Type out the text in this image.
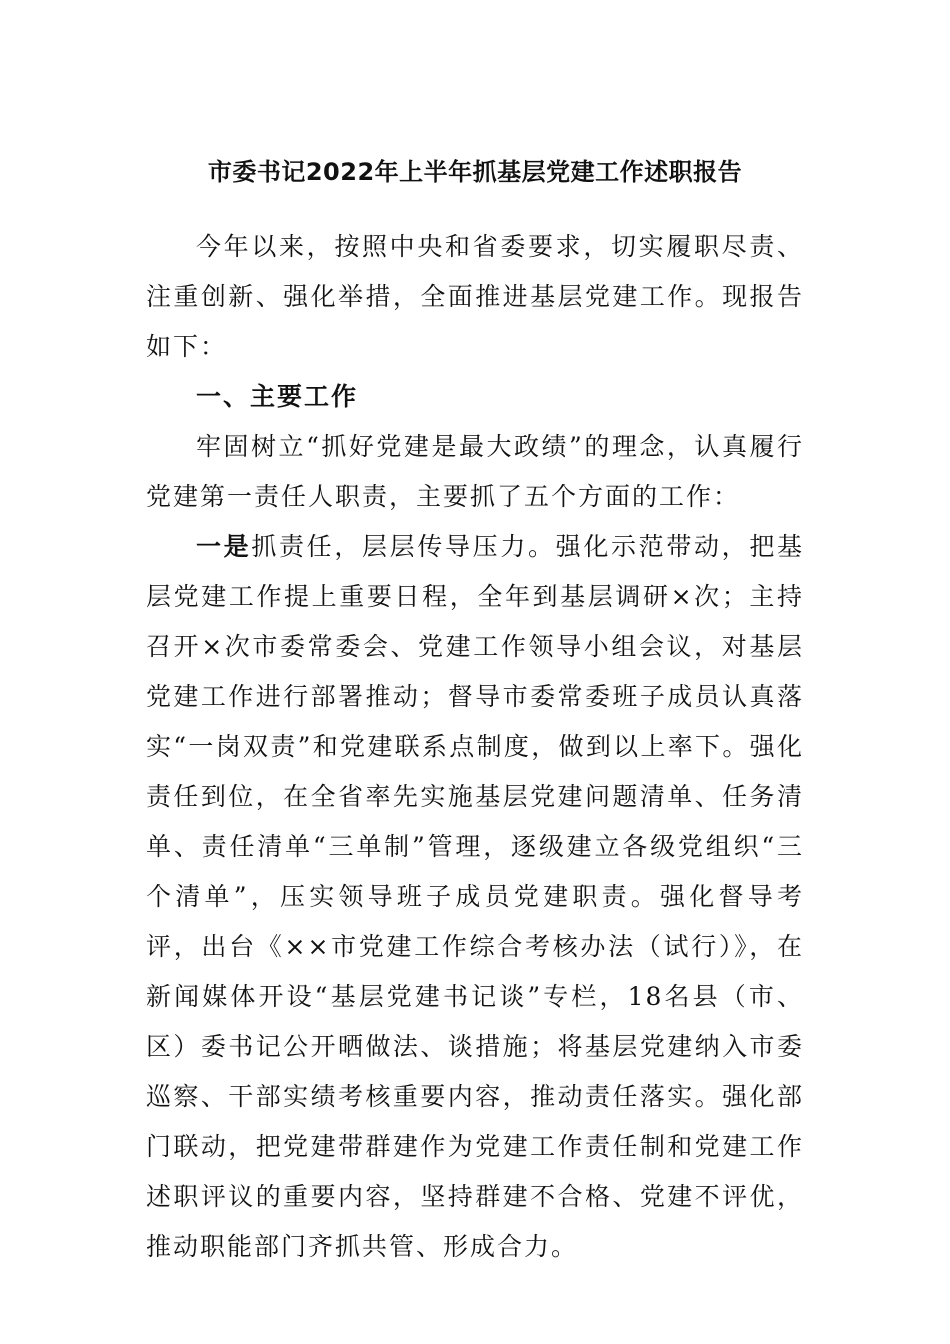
市委书记2022年上半年抓基层党建工作述职报告

今年以来，按照中央和省委要求，切实履职尽责、注重创新、强化举措，全面推进基层党建工作。现报告如下：

一、主要工作

牢固树立“抓好党建是最大政绩”的理念，认真履行党建第一责任人职责，主要抓了五个方面的工作：

一是抓责任，层层传导压力。强化示范带动，把基层党建工作提上重要日程，全年到基层调研×次；主持召开×次市委常委会、党建工作领导小组会议，对基层党建工作进行部署推动；督导市委常委班子成员认真落实“一岗双责”和党建联系点制度，做到以上率下。强化责任到位，在全省率先实施基层党建问题清单、任务清单、责任清单“三单制”管理，逐级建立各级党组织“三个清单”，压实领导班子成员党建职责。强化督导考评，出台《××市党建工作综合考核办法（试行）》，在新闻媒体开设“基层党建书记谈”专栏，18名县（市、区）委书记公开晒做法、谈措施；将基层党建纳入市委巡察、干部实绩考核重要内容，推动责任落实。强化部门联动，把党建带群建作为党建工作责任制和党建工作述职评议的重要内容，坚持群建不合格、党建不评优，推动职能部门齐抓共管、形成合力。
